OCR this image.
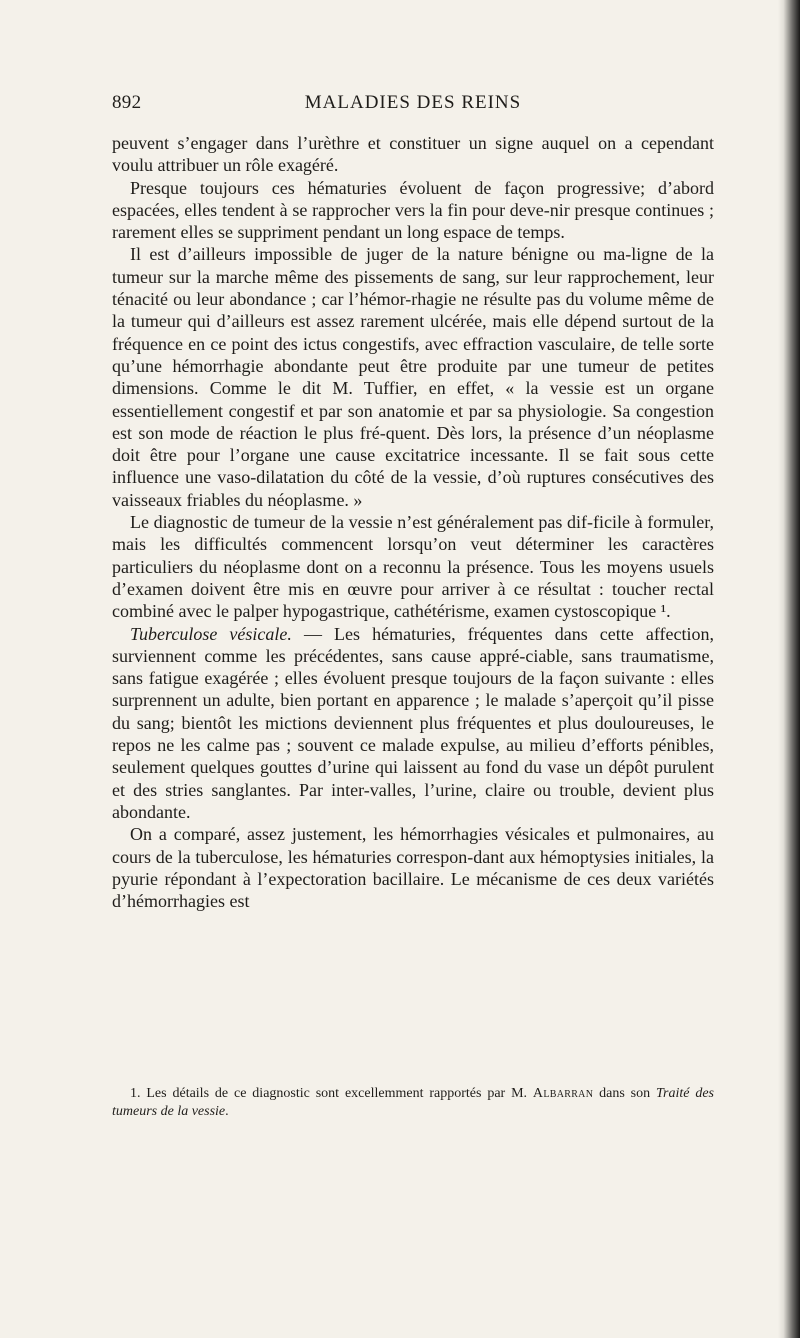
892	MALADIES DES REINS

peuvent s’engager dans l’urèthre et constituer un signe auquel on a cependant voulu attribuer un rôle exagéré.

Presque toujours ces hématuries évoluent de façon progressive; d’abord espacées, elles tendent à se rapprocher vers la fin pour deve-nir presque continues ; rarement elles se suppriment pendant un long espace de temps.

Il est d’ailleurs impossible de juger de la nature bénigne ou ma-ligne de la tumeur sur la marche même des pissements de sang, sur leur rapprochement, leur ténacité ou leur abondance ; car l’hémor-rhagie ne résulte pas du volume même de la tumeur qui d’ailleurs est assez rarement ulcérée, mais elle dépend surtout de la fréquence en ce point des ictus congestifs, avec effraction vasculaire, de telle sorte qu’une hémorrhagie abondante peut être produite par une tumeur de petites dimensions. Comme le dit M. Tuffier, en effet, « la vessie est un organe essentiellement congestif et par son anatomie et par sa physiologie. Sa congestion est son mode de réaction le plus fré-quent. Dès lors, la présence d’un néoplasme doit être pour l’organe une cause excitatrice incessante. Il se fait sous cette influence une vaso-dilatation du côté de la vessie, d’où ruptures consécutives des vaisseaux friables du néoplasme. »

Le diagnostic de tumeur de la vessie n’est généralement pas dif-ficile à formuler, mais les difficultés commencent lorsqu’on veut déterminer les caractères particuliers du néoplasme dont on a reconnu la présence. Tous les moyens usuels d’examen doivent être mis en œuvre pour arriver à ce résultat : toucher rectal combiné avec le palper hypogastrique, cathétérisme, examen cystoscopique ¹.

Tuberculose vésicale. — Les hématuries, fréquentes dans cette affection, surviennent comme les précédentes, sans cause appré-ciable, sans traumatisme, sans fatigue exagérée ; elles évoluent presque toujours de la façon suivante : elles surprennent un adulte, bien portant en apparence ; le malade s’aperçoit qu’il pisse du sang; bientôt les mictions deviennent plus fréquentes et plus douloureuses, le repos ne les calme pas ; souvent ce malade expulse, au milieu d’efforts pénibles, seulement quelques gouttes d’urine qui laissent au fond du vase un dépôt purulent et des stries sanglantes. Par inter-valles, l’urine, claire ou trouble, devient plus abondante.

On a comparé, assez justement, les hémorrhagies vésicales et pulmonaires, au cours de la tuberculose, les hématuries correspon-dant aux hémoptysies initiales, la pyurie répondant à l’expectoration bacillaire. Le mécanisme de ces deux variétés d’hémorrhagies est

1. Les détails de ce diagnostic sont excellemment rapportés par M. Albarran dans son Traité des tumeurs de la vessie.
